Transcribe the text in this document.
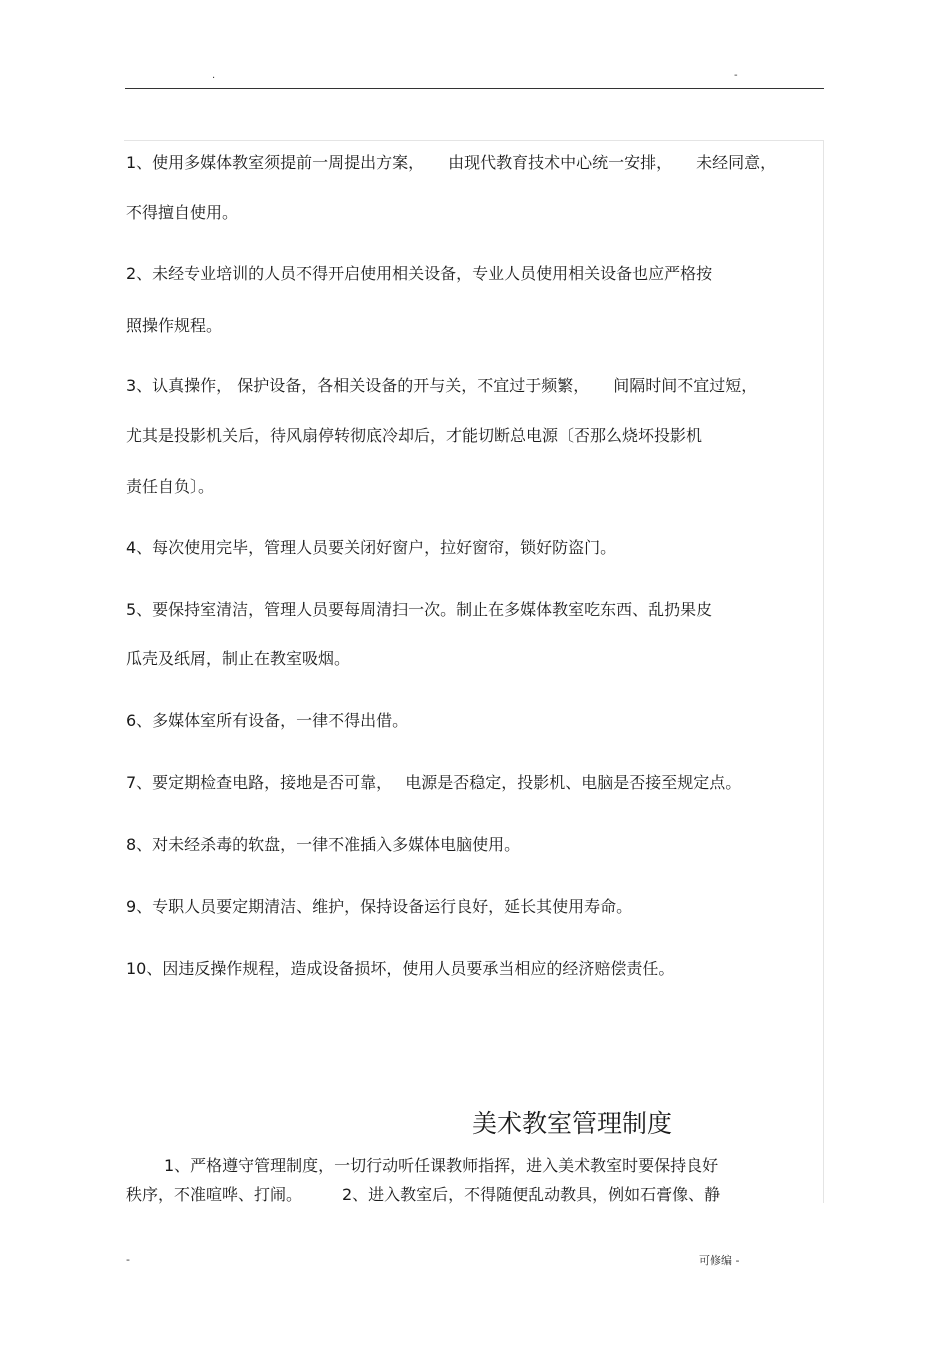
.	-
1、使用多媒体教室须提前一周提出方案，　　由现代教育技术中心统一安排，　　未经同意，
不得擅自使用。
2、未经专业培训的人员不得开启使用相关设备，专业人员使用相关设备也应严格按
照操作规程。
3、认真操作， 保护设备，各相关设备的开与关，不宜过于频繁，　　间隔时间不宜过短，
尤其是投影机关后，待风扇停转彻底冷却后，才能切断总电源〔否那么烧坏投影机
责任自负〕。
4、每次使用完毕，管理人员要关闭好窗户，拉好窗帘，锁好防盗门。
5、要保持室清洁，管理人员要每周清扫一次。制止在多媒体教室吃东西、乱扔果皮
瓜壳及纸屑，制止在教室吸烟。
6、多媒体室所有设备，一律不得出借。
7、要定期检查电路，接地是否可靠，　 电源是否稳定，投影机、电脑是否接至规定点。
8、对未经杀毒的软盘，一律不准插入多媒体电脑使用。
9、专职人员要定期清洁、维护，保持设备运行良好，延长其使用寿命。
10、因违反操作规程，造成设备损坏，使用人员要承当相应的经济赔偿责任。
美术教室管理制度
1、严格遵守管理制度，一切行动听任课教师指挥，进入美术教室时要保持良好
秩序，不准喧哗、打闹。　　　2、进入教室后，不得随便乱动教具，例如石膏像、静
-	可修编 -
